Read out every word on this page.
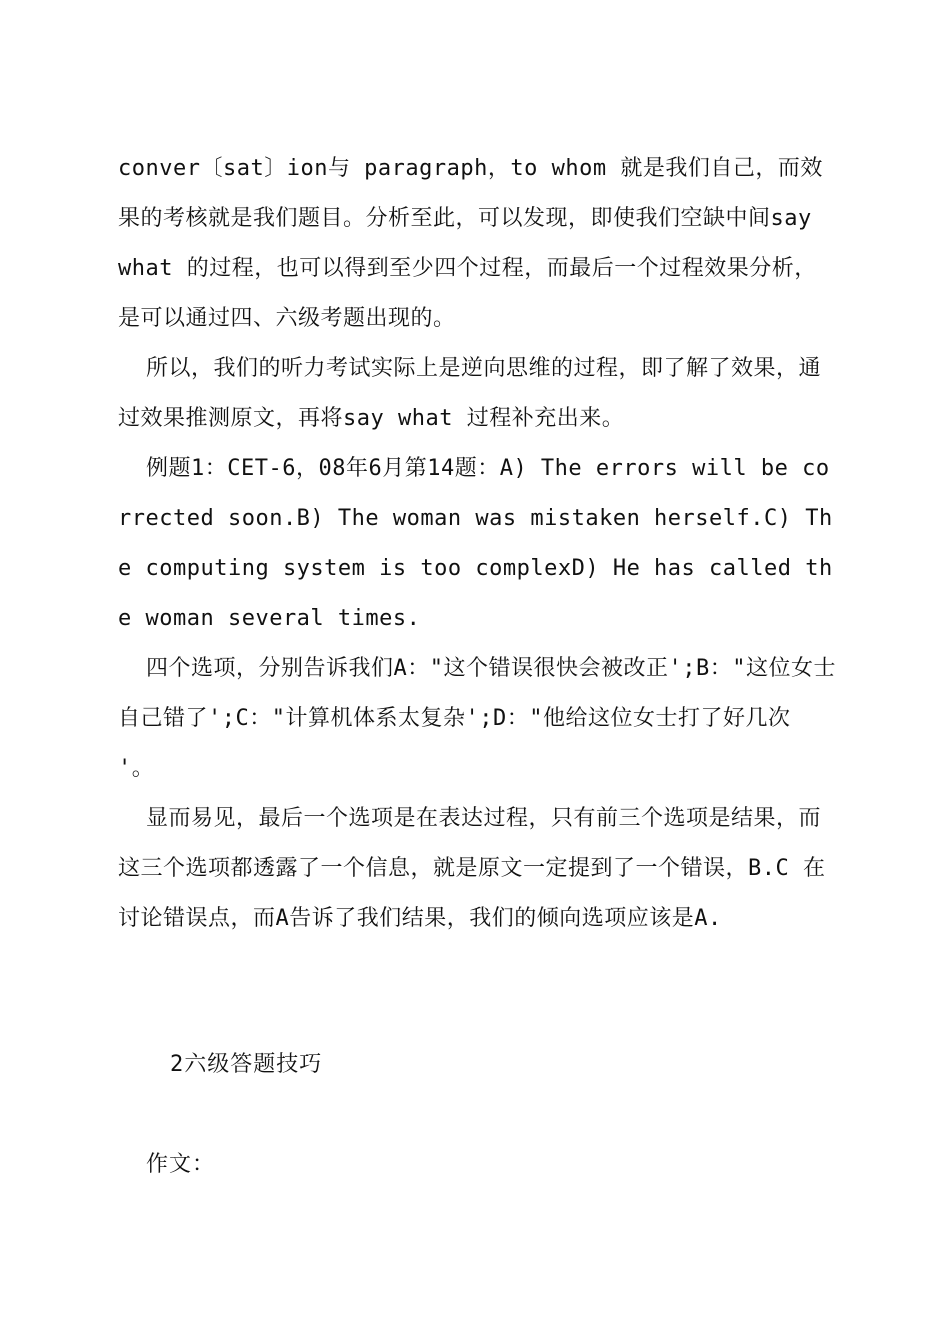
conver〔sat〕ion与 paragraph，to whom 就是我们自己，而效果的考核就是我们题目。分析至此，可以发现，即使我们空缺中间say what 的过程，也可以得到至少四个过程，而最后一个过程效果分析，是可以通过四、六级考题出现的。
所以，我们的听力考试实际上是逆向思维的过程，即了解了效果，通过效果推测原文，再将say what 过程补充出来。
例题1：CET-6，08年6月第14题：A) The errors will be corrected soon.B) The woman was mistaken herself.C) The computing system is too complexD) He has called the woman several times.
四个选项，分别告诉我们A："这个错误很快会被改正';B："这位女士自己错了';C："计算机体系太复杂';D："他给这位女士打了好几次    '。
显而易见，最后一个选项是在表达过程，只有前三个选项是结果，而这三个选项都透露了一个信息，就是原文一定提到了一个错误，B.C 在讨论错误点，而A告诉了我们结果，我们的倾向选项应该是A.
2六级答题技巧
作文：
